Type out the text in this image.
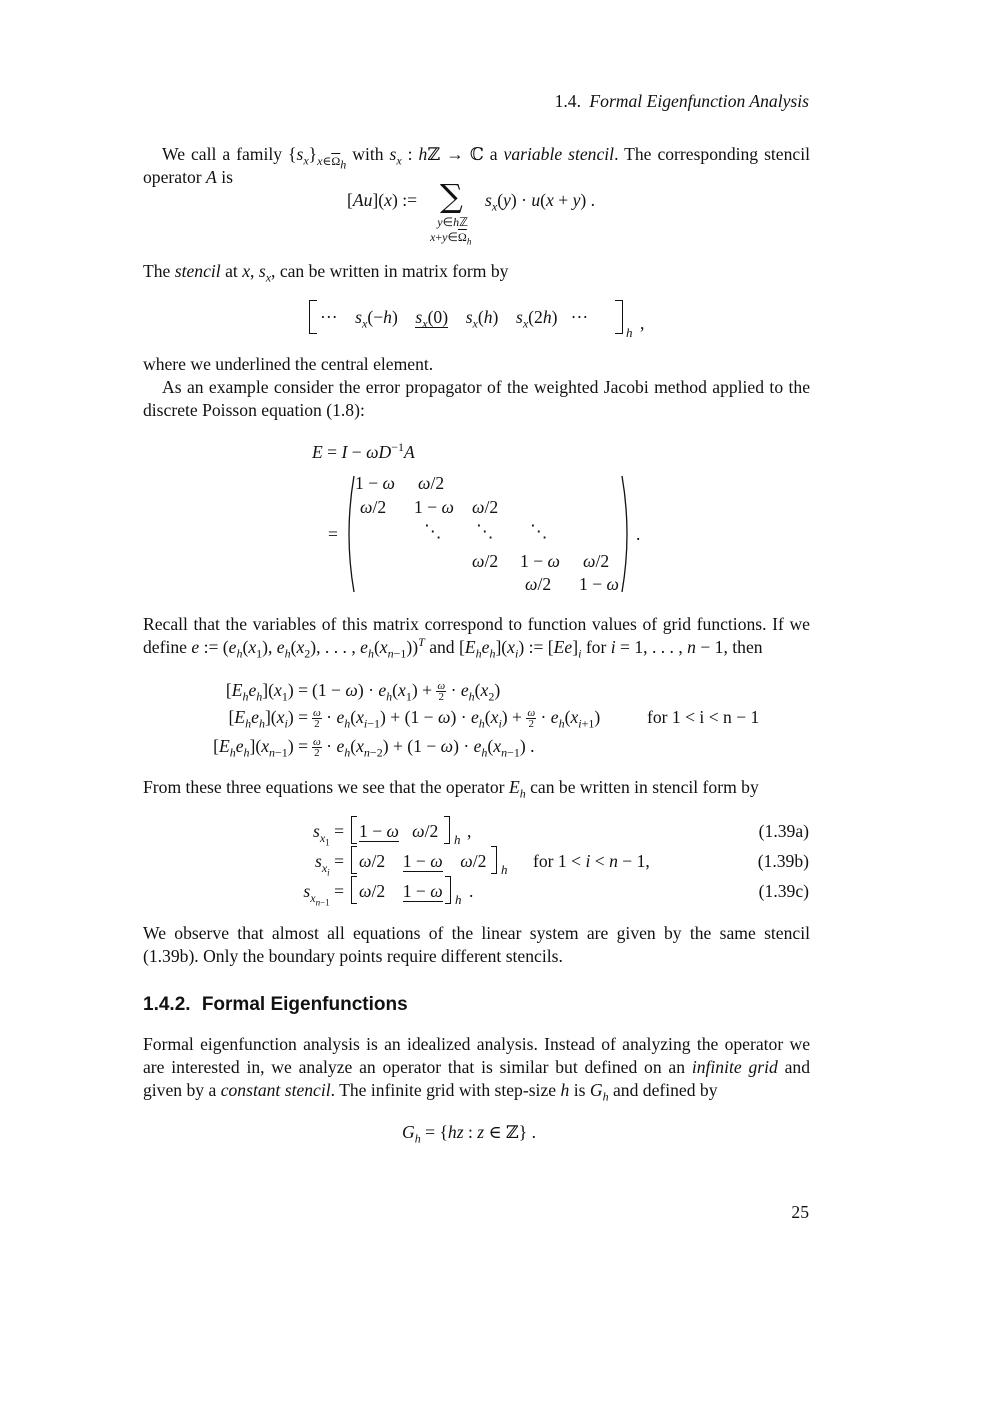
1.4. Formal Eigenfunction Analysis
We call a family $\{s_x\}_{x\in\overline{\Omega}_h}$ with $s_x$ : hℤ → ℂ a variable stencil. The corresponding stencil operator A is
[Au](x) := ∑
y∈hℤ
$x+y\in\overline{\Omega}_h$
$s_x(y) \cdot u(x + y)$ .
The stencil at x, $s_x$, can be written in matrix form by
···    $s_x(-h)$    $s_x(0)$ $s_x(h)$    $s_x(2h)$   ···
h ,
where we underlined the central element.
As an example consider the error propagator of the weighted Jacobi method applied to the discrete Poisson equation (1.8):
$E = I - \omega D^{-1}A$
=
1 − ω ω/2
ω/2 1 − ω ω/2
⋱ ⋱ ⋱
ω/2 1 − ω ω/2
ω/2 1 − ω
.
Recall that the variables of this matrix correspond to function values of grid functions. If we define e := ($e_h(x_1)$, $e_h(x_2)$, . . . , $e_h(x_{n-1}))^T$ and $[E_he_h](x_i)$ := $[Ee]_i$ for i = 1, . . . , n − 1, then
$[E_he_h](x_1) = (1 - \omega) \cdot e_h(x_1) + \frac{\omega}{2} \cdot e_h(x_2)$
$[E_he_h](x_i) = \frac{\omega}{2} \cdot e_h(x_{i-1}) + (1 - \omega) \cdot e_h(x_i) + \frac{\omega}{2} \cdot e_h(x_{i+1})$	for 1 < i < n − 1
$[E_he_h](x_{n-1}) = \frac{\omega}{2} \cdot e_h(x_{n-2}) + (1 - \omega) \cdot e_h(x_{n-1})$ .
From these three equations we see that the operator $E_h$ can be written in stencil form by
$s_{x_1} = 1 - \omega$ ω/2 h ,	(1.39a)
$s_{x_i} = \omega/2$    1 − ω ω/2 h for 1 < i < n − 1,	(1.39b)
$s_{x_{n-1}} = \omega/2$    1 − ω h .	(1.39c)
We observe that almost all equations of the linear system are given by the same stencil (1.39b). Only the boundary points require different stencils.
1.4.2. Formal Eigenfunctions
Formal eigenfunction analysis is an idealized analysis. Instead of analyzing the operator we are interested in, we analyze an operator that is similar but defined on an infinite grid and given by a constant stencil. The infinite grid with step-size h is $G_h$ and defined by
$G_h = \{hz$ : z ∈ ℤ} .
25
